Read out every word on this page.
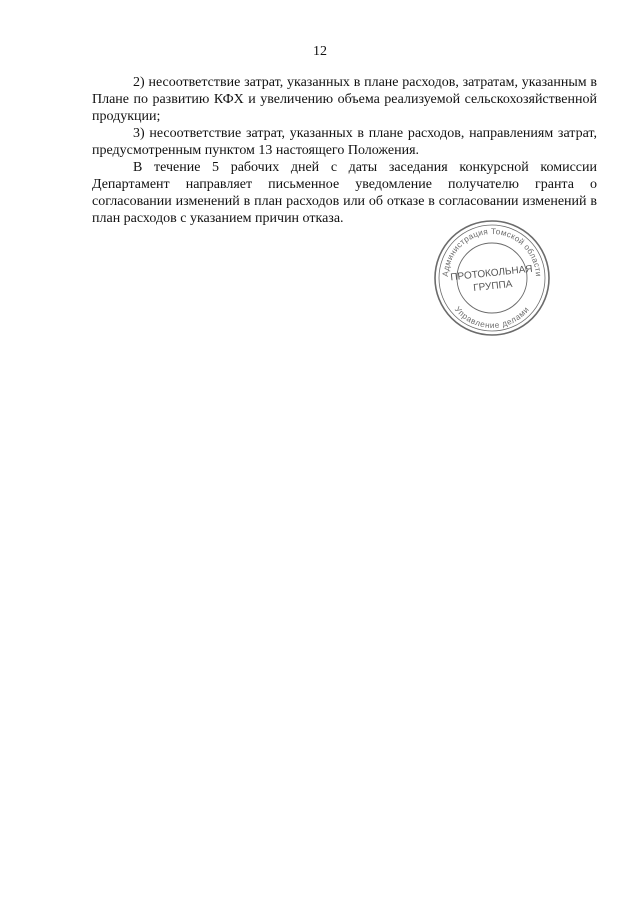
12

2) несоответствие затрат, указанных в плане расходов, затратам, указанным в Плане по развитию КФХ и увеличению объема реализуемой сельскохозяйственной продукции;

3) несоответствие затрат, указанных в плане расходов, направлениям затрат, предусмотренным пунктом 13 настоящего Положения.

В течение 5 рабочих дней с даты заседания конкурсной комиссии Департамент направляет письменное уведомление получателю гранта о согласовании изменений в план расходов или об отказе в согласовании изменений в план расходов с указанием причин отказа.

Администрация Томской области
Управление делами
ПРОТОКОЛЬНАЯ
ГРУППА
